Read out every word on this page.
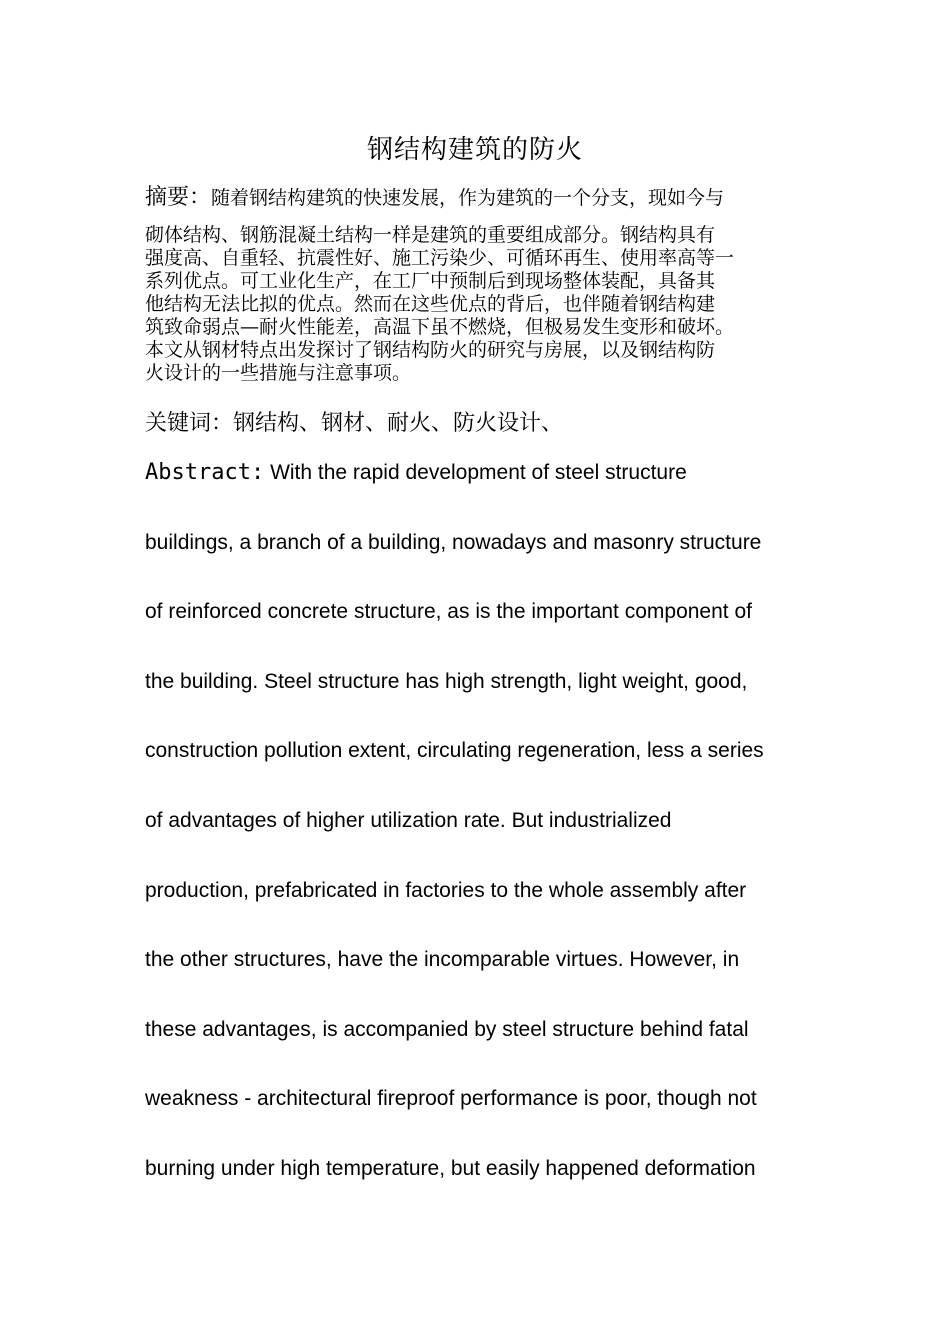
钢结构建筑的防火
摘要：随着钢结构建筑的快速发展，作为建筑的一个分支，现如今与
砌体结构、钢筋混凝土结构一样是建筑的重要组成部分。钢结构具有
强度高、自重轻、抗震性好、施工污染少、可循环再生、使用率高等一
系列优点。可工业化生产，在工厂中预制后到现场整体装配，具备其
他结构无法比拟的优点。然而在这些优点的背后，也伴随着钢结构建
筑致命弱点—耐火性能差，高温下虽不燃烧，但极易发生变形和破坏。
本文从钢材特点出发探讨了钢结构防火的研究与房展，以及钢结构防
火设计的一些措施与注意事项。
关键词：钢结构、钢材、耐火、防火设计、
Abstract: With the rapid development of steel structure
buildings, a branch of a building, nowadays and masonry structure
of reinforced concrete structure, as is the important component of
the building. Steel structure has high strength, light weight, good,
construction pollution extent, circulating regeneration, less a series
of advantages of higher utilization rate. But industrialized
production, prefabricated in factories to the whole assembly after
the other structures, have the incomparable virtues. However, in
these advantages, is accompanied by steel structure behind fatal
weakness - architectural fireproof performance is poor, though not
burning under high temperature, but easily happened deformation
